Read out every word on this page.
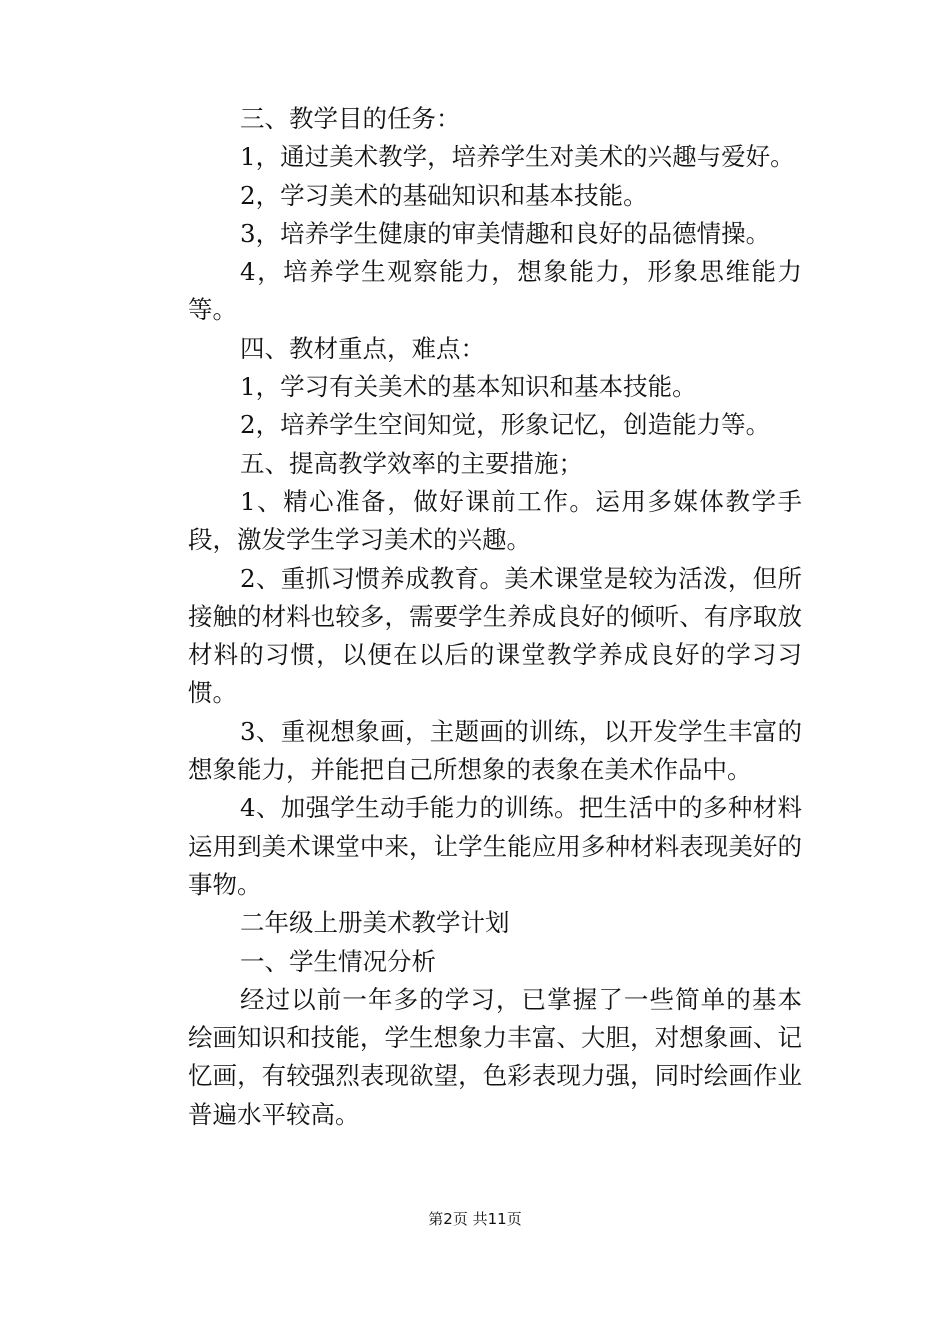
三、教学目的任务：

1，通过美术教学，培养学生对美术的兴趣与爱好。

2，学习美术的基础知识和基本技能。

3，培养学生健康的审美情趣和良好的品德情操。

4，培养学生观察能力，想象能力，形象思维能力等。

四、教材重点，难点：

1，学习有关美术的基本知识和基本技能。

2，培养学生空间知觉，形象记忆，创造能力等。

五、提高教学效率的主要措施；

1、精心准备，做好课前工作。运用多媒体教学手段，激发学生学习美术的兴趣。

2、重抓习惯养成教育。美术课堂是较为活泼，但所接触的材料也较多，需要学生养成良好的倾听、有序取放材料的习惯，以便在以后的课堂教学养成良好的学习习惯。

3、重视想象画，主题画的训练，以开发学生丰富的想象能力，并能把自己所想象的表象在美术作品中。

4、加强学生动手能力的训练。把生活中的多种材料运用到美术课堂中来，让学生能应用多种材料表现美好的事物。

二年级上册美术教学计划

一、学生情况分析

经过以前一年多的学习，已掌握了一些简单的基本绘画知识和技能，学生想象力丰富、大胆，对想象画、记忆画，有较强烈表现欲望，色彩表现力强，同时绘画作业普遍水平较高。

第2页 共11页
